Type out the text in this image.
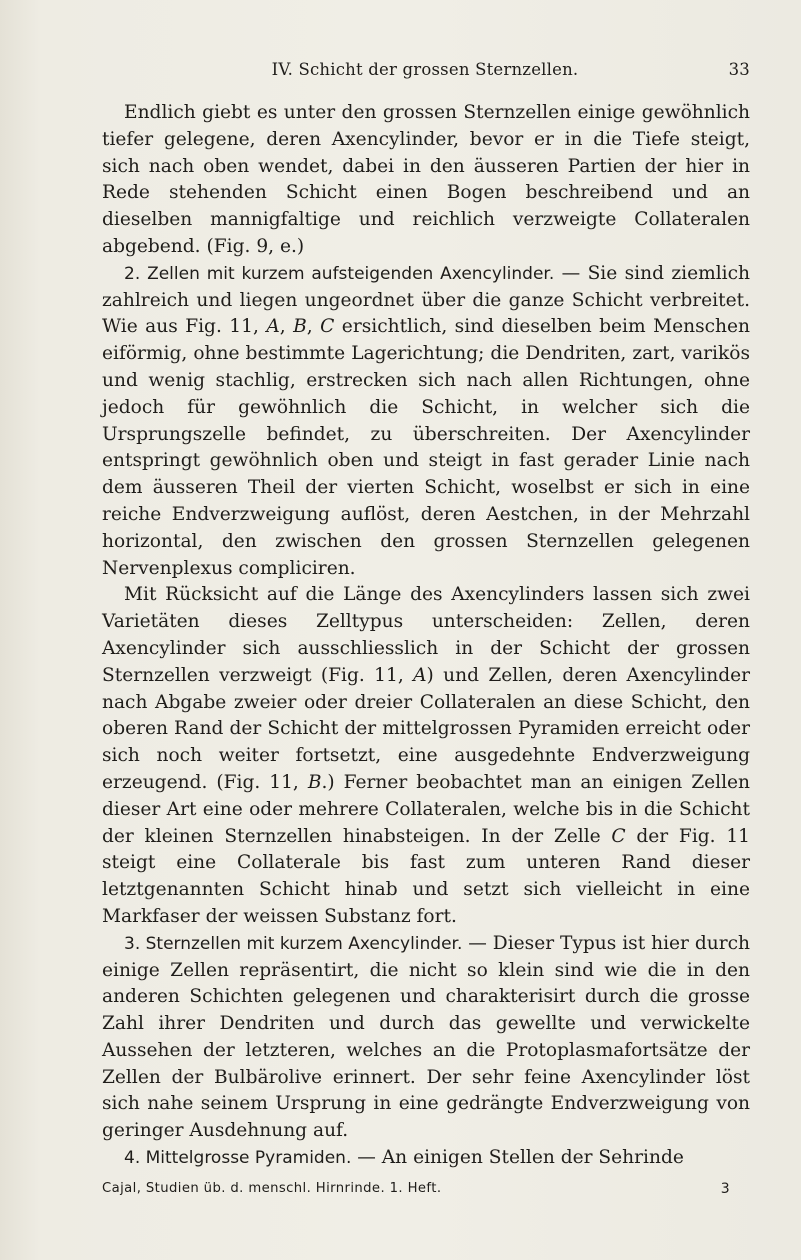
IV. Schicht der grossen Sternzellen.	33

Endlich giebt es unter den grossen Sternzellen einige gewöhnlich tiefer gelegene, deren Axencylinder, bevor er in die Tiefe steigt, sich nach oben wendet, dabei in den äusseren Partien der hier in Rede stehenden Schicht einen Bogen beschreibend und an dieselben mannigfaltige und reichlich verzweigte Collateralen abgebend. (Fig. 9, e.)

2. Zellen mit kurzem aufsteigenden Axencylinder. — Sie sind ziemlich zahlreich und liegen ungeordnet über die ganze Schicht verbreitet. Wie aus Fig. 11, A, B, C ersichtlich, sind dieselben beim Menschen eiförmig, ohne bestimmte Lagerichtung; die Dendriten, zart, varikös und wenig stachlig, erstrecken sich nach allen Richtungen, ohne jedoch für gewöhnlich die Schicht, in welcher sich die Ursprungszelle befindet, zu überschreiten. Der Axencylinder entspringt gewöhnlich oben und steigt in fast gerader Linie nach dem äusseren Theil der vierten Schicht, woselbst er sich in eine reiche Endverzweigung auflöst, deren Aestchen, in der Mehrzahl horizontal, den zwischen den grossen Sternzellen gelegenen Nervenplexus compliciren.

Mit Rücksicht auf die Länge des Axencylinders lassen sich zwei Varietäten dieses Zelltypus unterscheiden: Zellen, deren Axencylinder sich ausschliesslich in der Schicht der grossen Sternzellen verzweigt (Fig. 11, A) und Zellen, deren Axencylinder nach Abgabe zweier oder dreier Collateralen an diese Schicht, den oberen Rand der Schicht der mittelgrossen Pyramiden erreicht oder sich noch weiter fortsetzt, eine ausgedehnte Endverzweigung erzeugend. (Fig. 11, B.) Ferner beobachtet man an einigen Zellen dieser Art eine oder mehrere Collateralen, welche bis in die Schicht der kleinen Sternzellen hinabsteigen. In der Zelle C der Fig. 11 steigt eine Collaterale bis fast zum unteren Rand dieser letztgenannten Schicht hinab und setzt sich vielleicht in eine Markfaser der weissen Substanz fort.

3. Sternzellen mit kurzem Axencylinder. — Dieser Typus ist hier durch einige Zellen repräsentirt, die nicht so klein sind wie die in den anderen Schichten gelegenen und charakterisirt durch die grosse Zahl ihrer Dendriten und durch das gewellte und verwickelte Aussehen der letzteren, welches an die Protoplasmafortsätze der Zellen der Bulbärolive erinnert. Der sehr feine Axencylinder löst sich nahe seinem Ursprung in eine gedrängte Endverzweigung von geringer Ausdehnung auf.

4. Mittelgrosse Pyramiden. — An einigen Stellen der Sehrinde

Cajal, Studien üb. d. menschl. Hirnrinde. 1. Heft.	3
